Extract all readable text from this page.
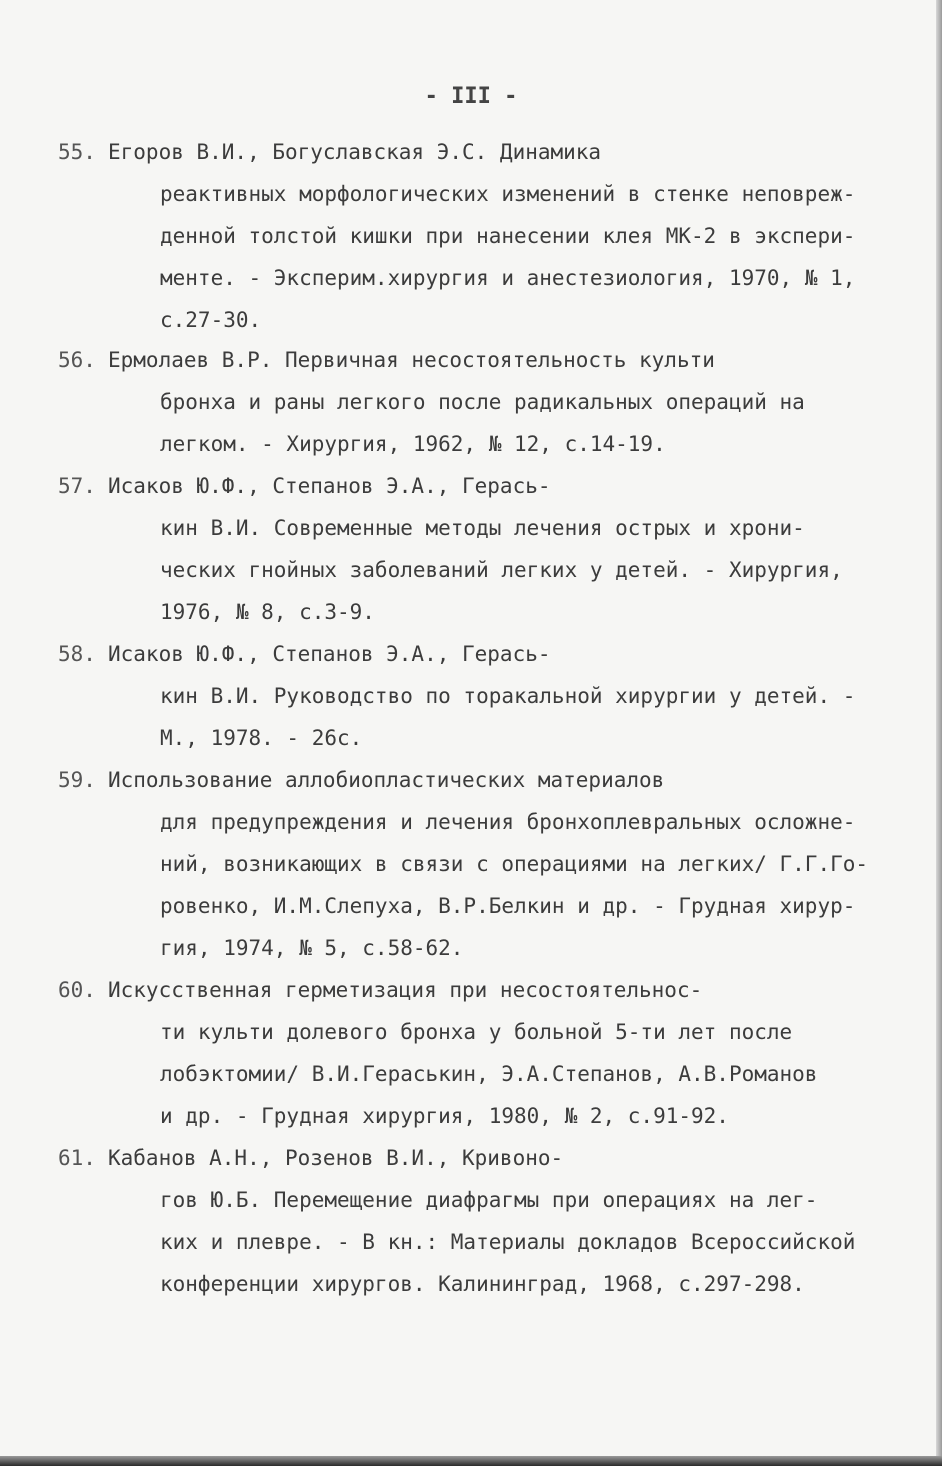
- III -
55. Егоров В.И., Богуславская Э.С. Динамика
реактивных морфологических изменений в стенке неповреж-
денной толстой кишки при нанесении клея МК-2 в экспери-
менте. - Эксперим.хирургия и анестезиология, 1970, № 1,
с.27-30.
56. Ермолаев В.Р. Первичная несостоятельность культи
бронха и раны легкого после радикальных операций на
легком. - Хирургия, 1962, № 12, с.14-19.
57. Исаков Ю.Ф., Степанов Э.А., Герась-
кин В.И. Современные методы лечения острых и хрони-
ческих гнойных заболеваний легких у детей. - Хирургия,
1976, № 8, с.3-9.
58. Исаков Ю.Ф., Степанов Э.А., Герась-
кин В.И. Руководство по торакальной хирургии у детей. -
М., 1978. - 26с.
59. Использование аллобиопластических материалов
для предупреждения и лечения бронхоплевральных осложне-
ний, возникающих в связи с операциями на легких/ Г.Г.Го-
ровенко, И.М.Слепуха, В.Р.Белкин и др. - Грудная хирур-
гия, 1974, № 5, с.58-62.
60. Искусственная герметизация при несостоятельнос-
ти культи долевого бронха у больной 5-ти лет после
лобэктомии/ В.И.Гераськин, Э.А.Степанов, А.В.Романов
и др. - Грудная хирургия, 1980, № 2, с.91-92.
61. Кабанов А.Н., Розенов В.И., Кривоно-
гов Ю.Б. Перемещение диафрагмы при операциях на лег-
ких и плевре. - В кн.: Материалы докладов Всероссийской
конференции хирургов. Калининград, 1968, с.297-298.
